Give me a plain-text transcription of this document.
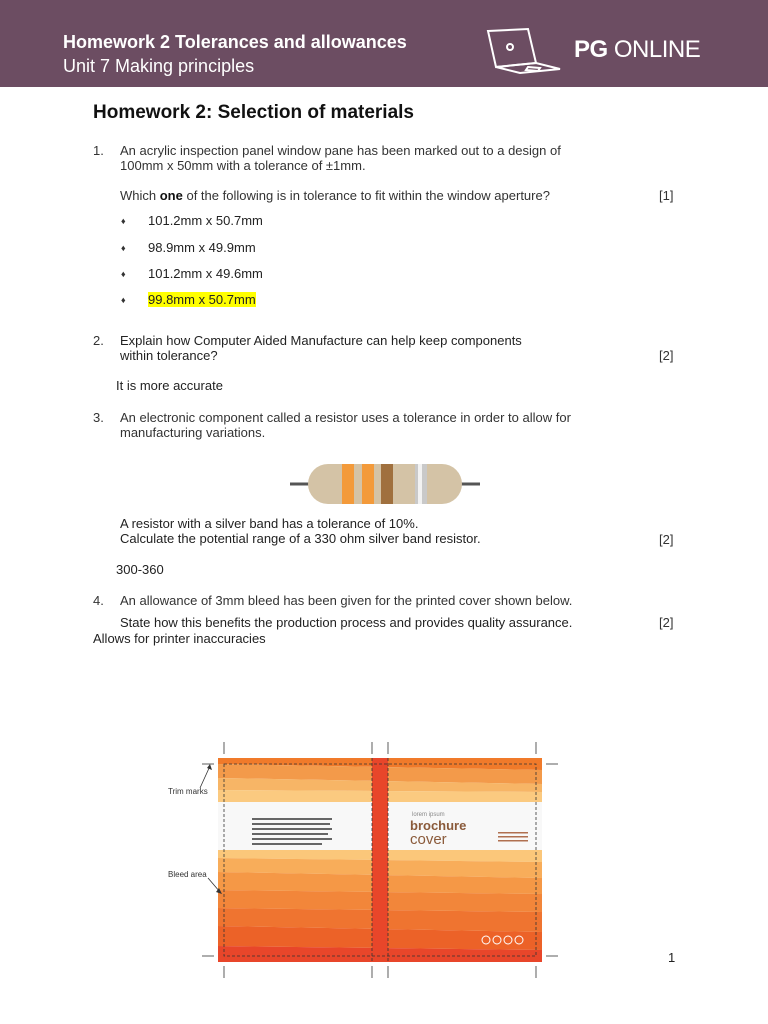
Homework 2 Tolerances and allowances
Unit 7 Making principles
PG ONLINE
Homework 2: Selection of materials
1. An acrylic inspection panel window pane has been marked out to a design of
100mm x 50mm with a tolerance of ±1mm.
Which one of the following is in tolerance to fit within the window aperture?	[1]
♦ 101.2mm x 50.7mm
♦ 98.9mm x 49.9mm
♦ 101.2mm x 49.6mm
♦ 99.8mm x 50.7mm
2. Explain how Computer Aided Manufacture can help keep components
within tolerance?	[2]
It is more accurate
3. An electronic component called a resistor uses a tolerance in order to allow for
manufacturing variations.
A resistor with a silver band has a tolerance of 10%.
Calculate the potential range of a 330 ohm silver band resistor.	[2]
300-360
4. An allowance of 3mm bleed has been given for the printed cover shown below.
State how this benefits the production process and provides quality assurance.	[2]
Allows for printer inaccuracies
lorem ipsum
brochure
cover
Trim marks
Bleed area
1
